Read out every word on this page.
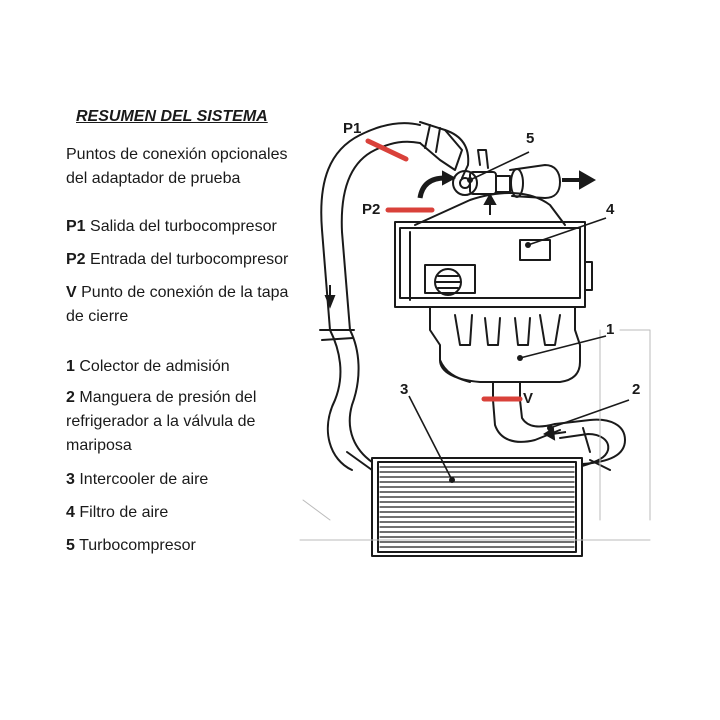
RESUMEN DEL SISTEMA
Puntos de conexión opcionales
del adaptador de prueba
P1 Salida del turbocompresor
P2 Entrada del turbocompresor
V Punto de conexión de la tapa
de cierre
1 Colector de admisión
2 Manguera de presión del
refrigerador a la válvula de
mariposa
3 Intercooler de aire
4 Filtro de aire
5 Turbocompresor
P1
P2
V
5
4
1
2
3
